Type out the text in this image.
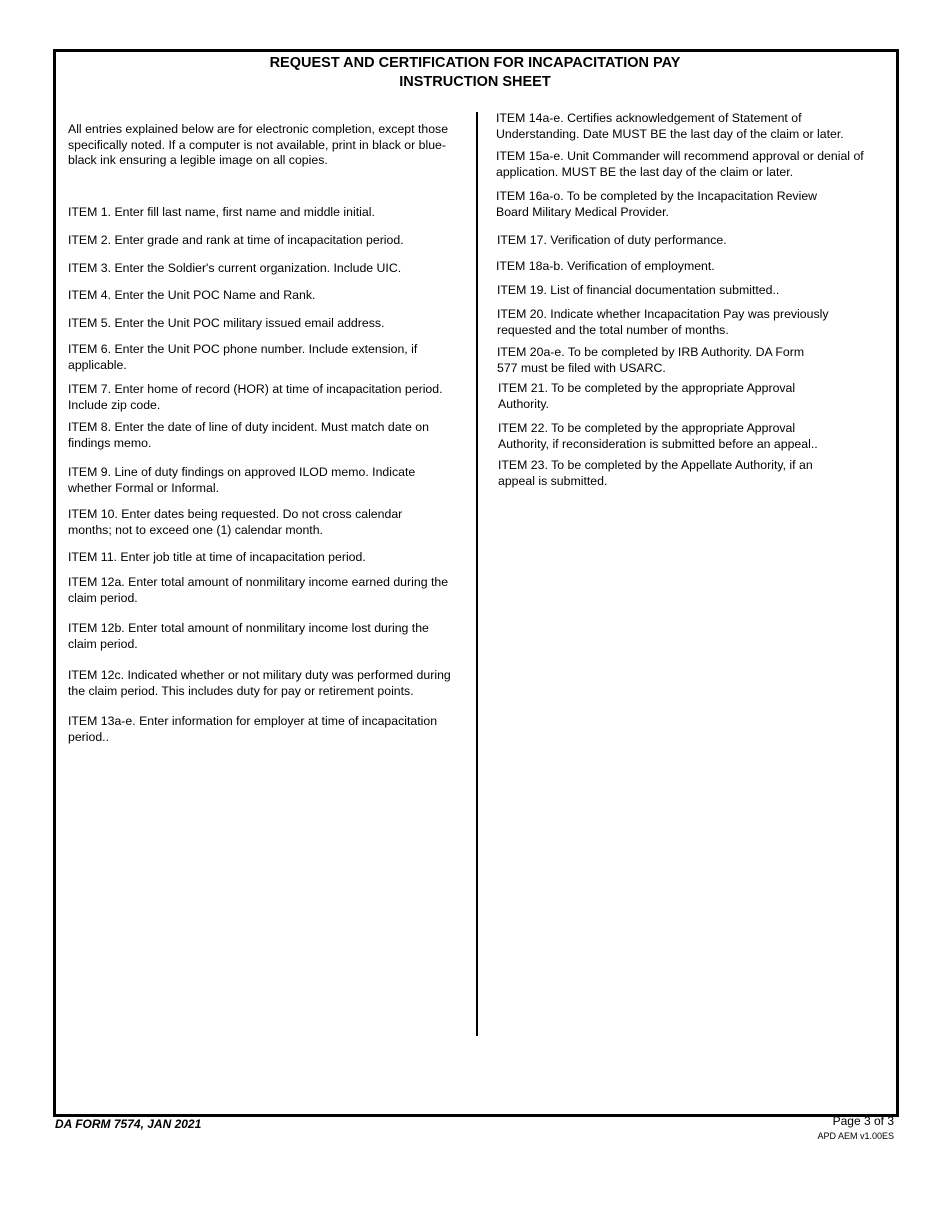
REQUEST AND CERTIFICATION FOR INCAPACITATION PAY
INSTRUCTION SHEET
All entries explained below are for electronic completion, except those
specifically noted. If a computer is not available, print in black or blue-
black ink ensuring a legible image on all copies.
ITEM 1. Enter fill last name, first name and middle initial.
ITEM 2. Enter grade and rank at time of incapacitation period.
ITEM 3. Enter the Soldier's current organization. Include UIC.
ITEM 4. Enter the Unit POC Name and Rank.
ITEM 5. Enter the Unit POC military issued email address.
ITEM 6. Enter the Unit POC phone number. Include extension, if
applicable.
ITEM 7. Enter home of record (HOR) at time of incapacitation period.
Include zip code.
ITEM 8. Enter the date of line of duty incident. Must match date on
findings memo.
ITEM 9. Line of duty findings on approved ILOD memo. Indicate
whether Formal or Informal.
ITEM 10. Enter dates being requested. Do not cross calendar
months; not to exceed one (1) calendar month.
ITEM 11. Enter job title at time of incapacitation period.
ITEM 12a. Enter total amount of nonmilitary income earned during the
claim period.
ITEM 12b. Enter total amount of nonmilitary income lost during the
claim period.
ITEM 12c. Indicated whether or not military duty was performed during
the claim period. This includes duty for pay or retirement points.
ITEM 13a-e. Enter information for employer at time of incapacitation
period..
ITEM 14a-e. Certifies acknowledgement of Statement of
Understanding. Date MUST BE the last day of the claim or later.
ITEM 15a-e. Unit Commander will recommend approval or denial of
application. MUST BE the last day of the claim or later.
ITEM 16a-o. To be completed by the Incapacitation Review
Board Military Medical Provider.
ITEM 17. Verification of duty performance.
ITEM 18a-b. Verification of employment.
ITEM 19. List of financial documentation submitted..
ITEM 20. Indicate whether Incapacitation Pay was previously
requested and the total number of months.
ITEM 20a-e. To be completed by IRB Authority. DA Form
577 must be filed with USARC.
ITEM 21. To be completed by the appropriate Approval
Authority.
ITEM 22. To be completed by the appropriate Approval
Authority, if reconsideration is submitted before an appeal..
ITEM 23. To be completed by the Appellate Authority, if an
appeal is submitted.
DA FORM 7574, JAN 2021	Page 3 of 3
APD AEM v1.00ES
